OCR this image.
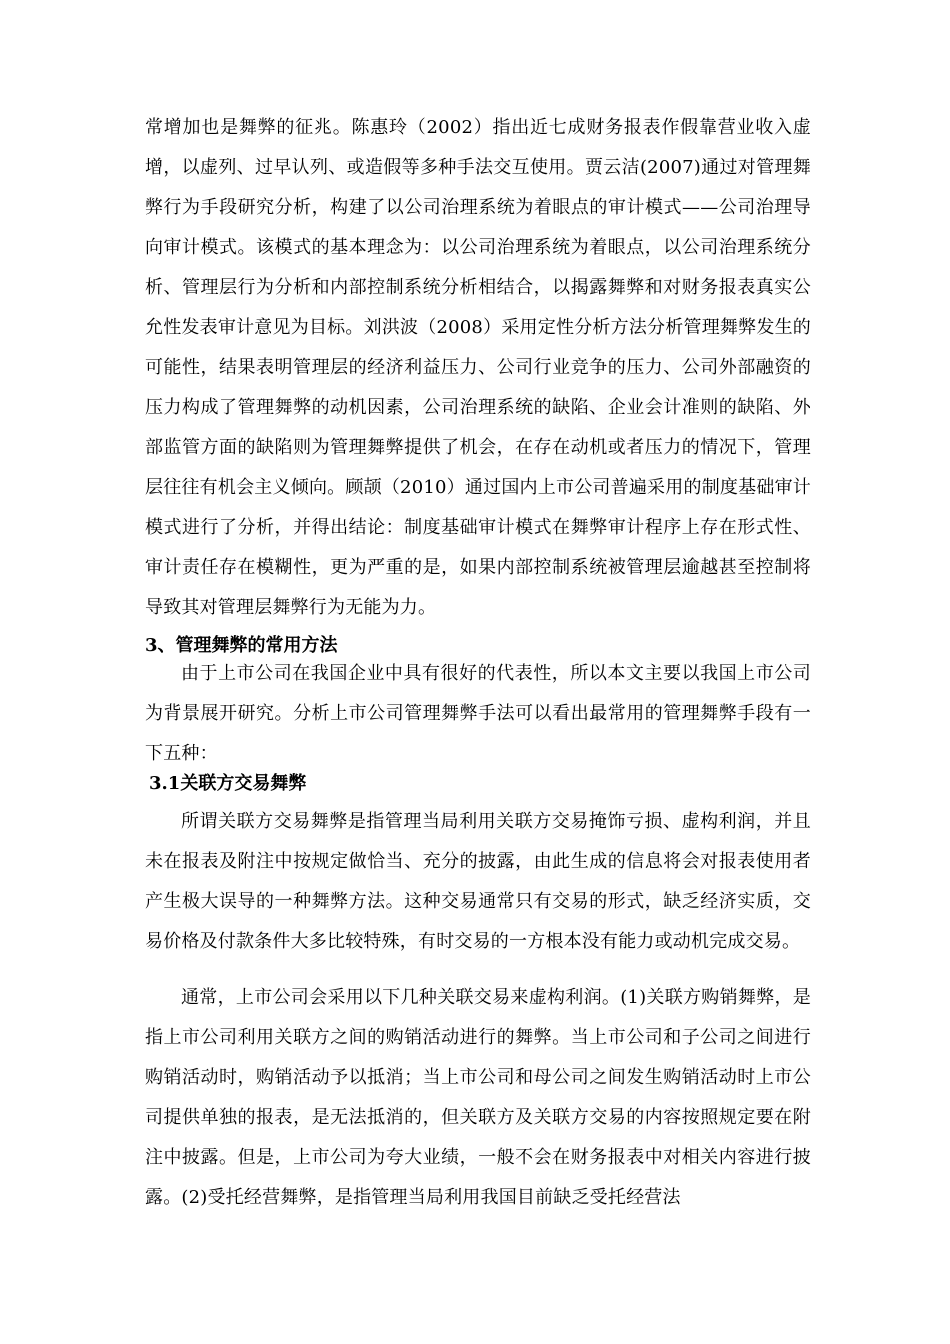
常增加也是舞弊的征兆。陈惠玲（2002）指出近七成财务报表作假靠营业收入虚增，以虚列、过早认列、或造假等多种手法交互使用。贾云洁(2007)通过对管理舞弊行为手段研究分析，构建了以公司治理系统为着眼点的审计模式——公司治理导向审计模式。该模式的基本理念为：以公司治理系统为着眼点，以公司治理系统分析、管理层行为分析和内部控制系统分析相结合，以揭露舞弊和对财务报表真实公允性发表审计意见为目标。刘洪波（2008）采用定性分析方法分析管理舞弊发生的可能性，结果表明管理层的经济利益压力、公司行业竞争的压力、公司外部融资的压力构成了管理舞弊的动机因素，公司治理系统的缺陷、企业会计准则的缺陷、外部监管方面的缺陷则为管理舞弊提供了机会，在存在动机或者压力的情况下，管理层往往有机会主义倾向。顾颉（2010）通过国内上市公司普遍采用的制度基础审计模式进行了分析，并得出结论：制度基础审计模式在舞弊审计程序上存在形式性、审计责任存在模糊性，更为严重的是，如果内部控制系统被管理层逾越甚至控制将导致其对管理层舞弊行为无能为力。

3、管理舞弊的常用方法

由于上市公司在我国企业中具有很好的代表性，所以本文主要以我国上市公司为背景展开研究。分析上市公司管理舞弊手法可以看出最常用的管理舞弊手段有一下五种：

3.1关联方交易舞弊

所谓关联方交易舞弊是指管理当局利用关联方交易掩饰亏损、虚构利润，并且未在报表及附注中按规定做恰当、充分的披露，由此生成的信息将会对报表使用者产生极大误导的一种舞弊方法。这种交易通常只有交易的形式，缺乏经济实质，交易价格及付款条件大多比较特殊，有时交易的一方根本没有能力或动机完成交易。

通常，上市公司会采用以下几种关联交易来虚构利润。(1)关联方购销舞弊，是指上市公司利用关联方之间的购销活动进行的舞弊。当上市公司和子公司之间进行购销活动时，购销活动予以抵消；当上市公司和母公司之间发生购销活动时上市公司提供单独的报表，是无法抵消的，但关联方及关联方交易的内容按照规定要在附注中披露。但是，上市公司为夸大业绩，一般不会在财务报表中对相关内容进行披露。(2)受托经营舞弊，是指管理当局利用我国目前缺乏受托经营法
